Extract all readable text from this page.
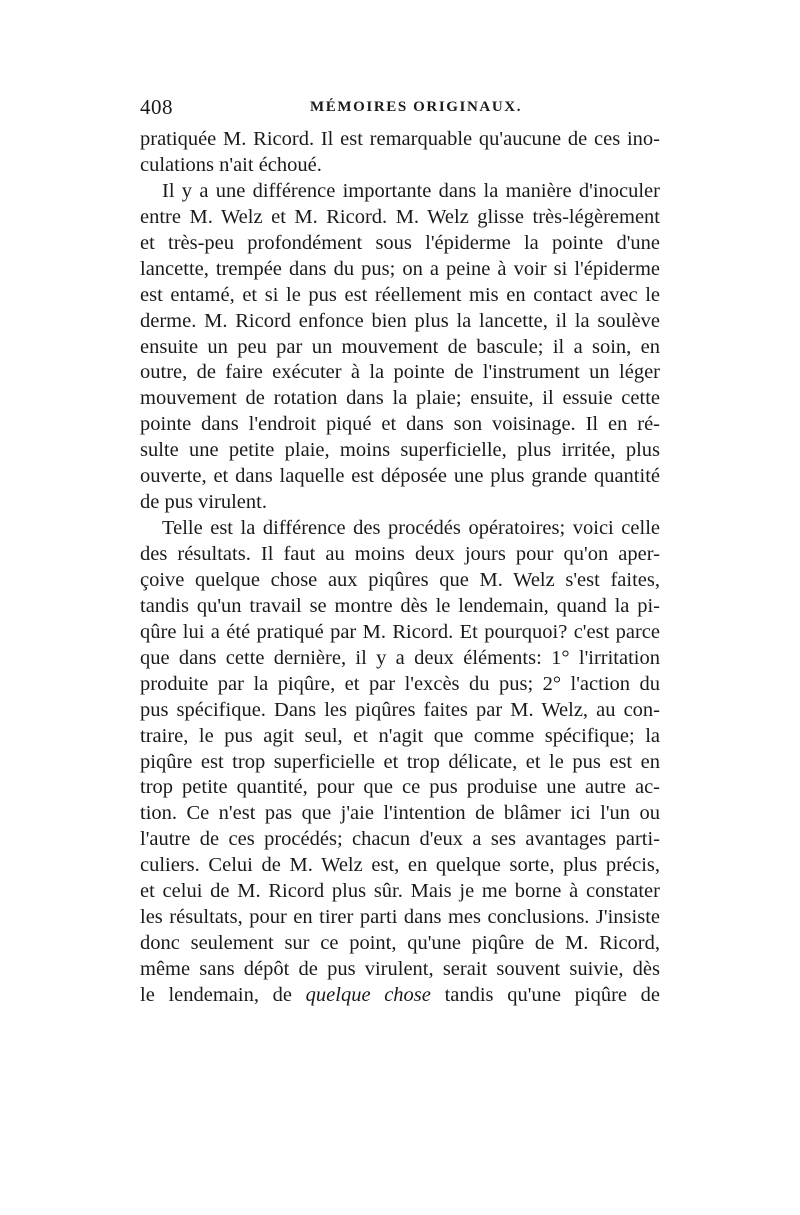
408	MÉMOIRES ORIGINAUX.
pratiquée M. Ricord. Il est remarquable qu'aucune de ces ino-
culations n'ait échoué.
Il y a une différence importante dans la manière d'inoculer
entre M. Welz et M. Ricord. M. Welz glisse très-légèrement
et très-peu profondément sous l'épiderme la pointe d'une
lancette, trempée dans du pus; on a peine à voir si l'épiderme
est entamé, et si le pus est réellement mis en contact avec le
derme. M. Ricord enfonce bien plus la lancette, il la soulève
ensuite un peu par un mouvement de bascule; il a soin, en
outre, de faire exécuter à la pointe de l'instrument un léger
mouvement de rotation dans la plaie; ensuite, il essuie cette
pointe dans l'endroit piqué et dans son voisinage. Il en ré-
sulte une petite plaie, moins superficielle, plus irritée, plus
ouverte, et dans laquelle est déposée une plus grande quantité
de pus virulent.
Telle est la différence des procédés opératoires; voici celle
des résultats. Il faut au moins deux jours pour qu'on aper-
çoive quelque chose aux piqûres que M. Welz s'est faites,
tandis qu'un travail se montre dès le lendemain, quand la pi-
qûre lui a été pratiqué par M. Ricord. Et pourquoi? c'est parce
que dans cette dernière, il y a deux éléments: 1° l'irritation
produite par la piqûre, et par l'excès du pus; 2° l'action du
pus spécifique. Dans les piqûres faites par M. Welz, au con-
traire, le pus agit seul, et n'agit que comme spécifique; la
piqûre est trop superficielle et trop délicate, et le pus est en
trop petite quantité, pour que ce pus produise une autre ac-
tion. Ce n'est pas que j'aie l'intention de blâmer ici l'un ou
l'autre de ces procédés; chacun d'eux a ses avantages parti-
culiers. Celui de M. Welz est, en quelque sorte, plus précis,
et celui de M. Ricord plus sûr. Mais je me borne à constater
les résultats, pour en tirer parti dans mes conclusions. J'insiste
donc seulement sur ce point, qu'une piqûre de M. Ricord,
même sans dépôt de pus virulent, serait souvent suivie, dès
le lendemain, de quelque chose tandis qu'une piqûre de
